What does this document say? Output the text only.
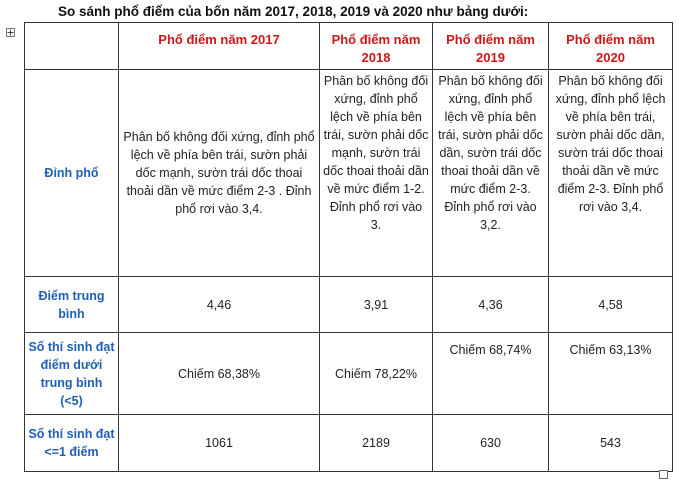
So sánh phổ điểm của bốn năm 2017, 2018, 2019 và 2020 như bảng dưới:
	Phổ điểm năm 2017	Phổ điểm năm 2018	Phổ điểm năm 2019	Phổ điểm năm 2020
Đỉnh phổ	Phân bố không đối xứng, đỉnh phổ lệch về phía bên trái, sườn phải dốc mạnh, sườn trái dốc thoai thoải dần về mức điểm 2-3 . Đỉnh phổ rơi vào 3,4.	Phân bố không đối xứng, đỉnh phổ lệch về phía bên trái, sườn phải dốc mạnh, sườn trái dốc thoai thoải dần về mức điểm 1-2. Đỉnh phổ rơi vào 3.	Phân bố không đối xứng, đỉnh phổ lệch về phía bên trái, sườn phải dốc dần, sườn trái dốc thoai thoải dần về mức điểm 2-3. Đỉnh phổ rơi vào 3,2.	Phân bố không đối xứng, đỉnh phổ lệch về phía bên trái, sườn phải dốc dần, sườn trái dốc thoai thoải dần về mức điểm 2-3. Đỉnh phổ rơi vào 3,4.
Điểm trung bình	4,46	3,91	4,36	4,58
Số thí sinh đạt điểm dưới trung bình (<5)	Chiếm 68,38%	Chiếm 78,22%	Chiếm 68,74%	Chiếm 63,13%
Số thí sinh đạt <=1 điểm	1061	2189	630	543
